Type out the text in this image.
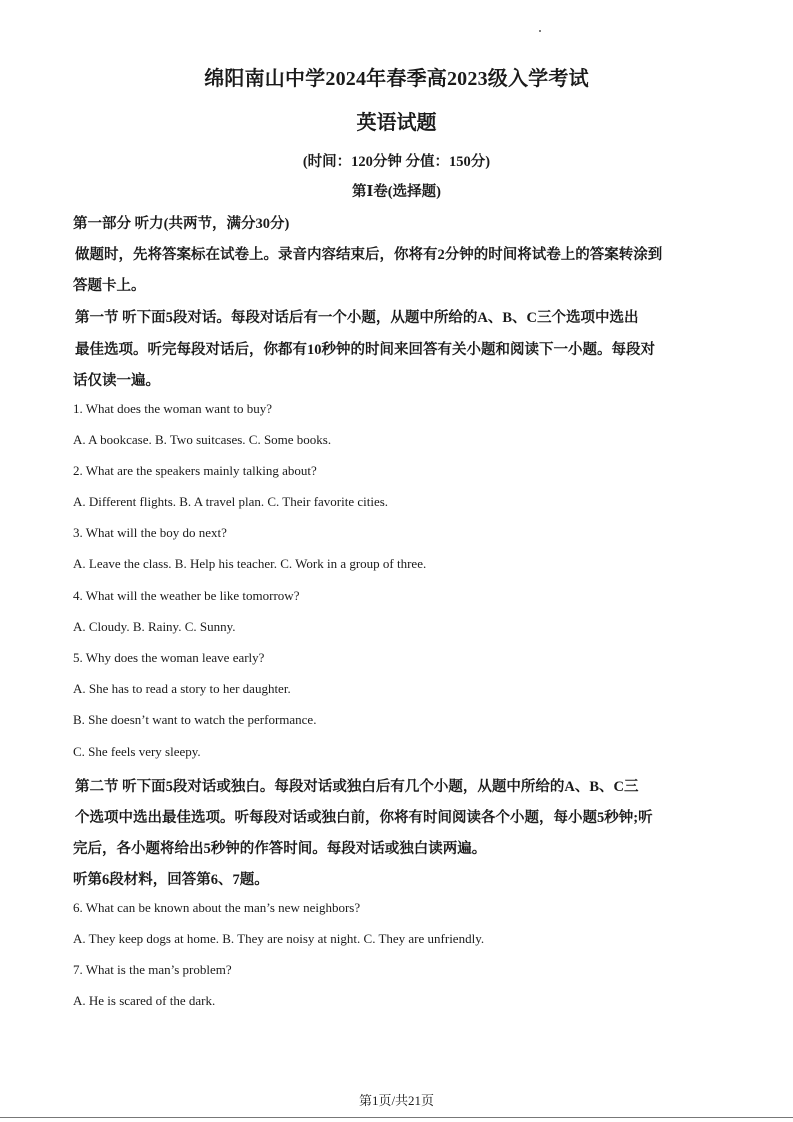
绵阳南山中学2024年春季高2023级入学考试
英语试题
(时间：120分钟 分值：150分)
第Ⅰ卷(选择题)
第一部分 听力(共两节，满分30分)
做题时，先将答案标在试卷上。录音内容结束后，你将有2分钟的时间将试卷上的答案转涂到
答题卡上。
第一节 听下面5段对话。每段对话后有一个小题，从题中所给的A、B、C三个选项中选出
最佳选项。听完每段对话后，你都有10秒钟的时间来回答有关小题和阅读下一小题。每段对
话仅读一遍。
1. What does the woman want to buy?
A. A bookcase. B. Two suitcases. C. Some books.
2. What are the speakers mainly talking about?
A. Different flights. B. A travel plan. C. Their favorite cities.
3. What will the boy do next?
A. Leave the class. B. Help his teacher. C. Work in a group of three.
4. What will the weather be like tomorrow?
A. Cloudy. B. Rainy. C. Sunny.
5. Why does the woman leave early?
A. She has to read a story to her daughter.
B. She doesn’t want to watch the performance.
C. She feels very sleepy.
第二节 听下面5段对话或独白。每段对话或独白后有几个小题，从题中所给的A、B、C三
个选项中选出最佳选项。听每段对话或独白前，你将有时间阅读各个小题，每小题5秒钟;听
完后，各小题将给出5秒钟的作答时间。每段对话或独白读两遍。
听第6段材料，回答第6、7题。
6. What can be known about the man’s new neighbors?
A. They keep dogs at home. B. They are noisy at night. C. They are unfriendly.
7. What is the man’s problem?
A. He is scared of the dark.
第1页/共21页
